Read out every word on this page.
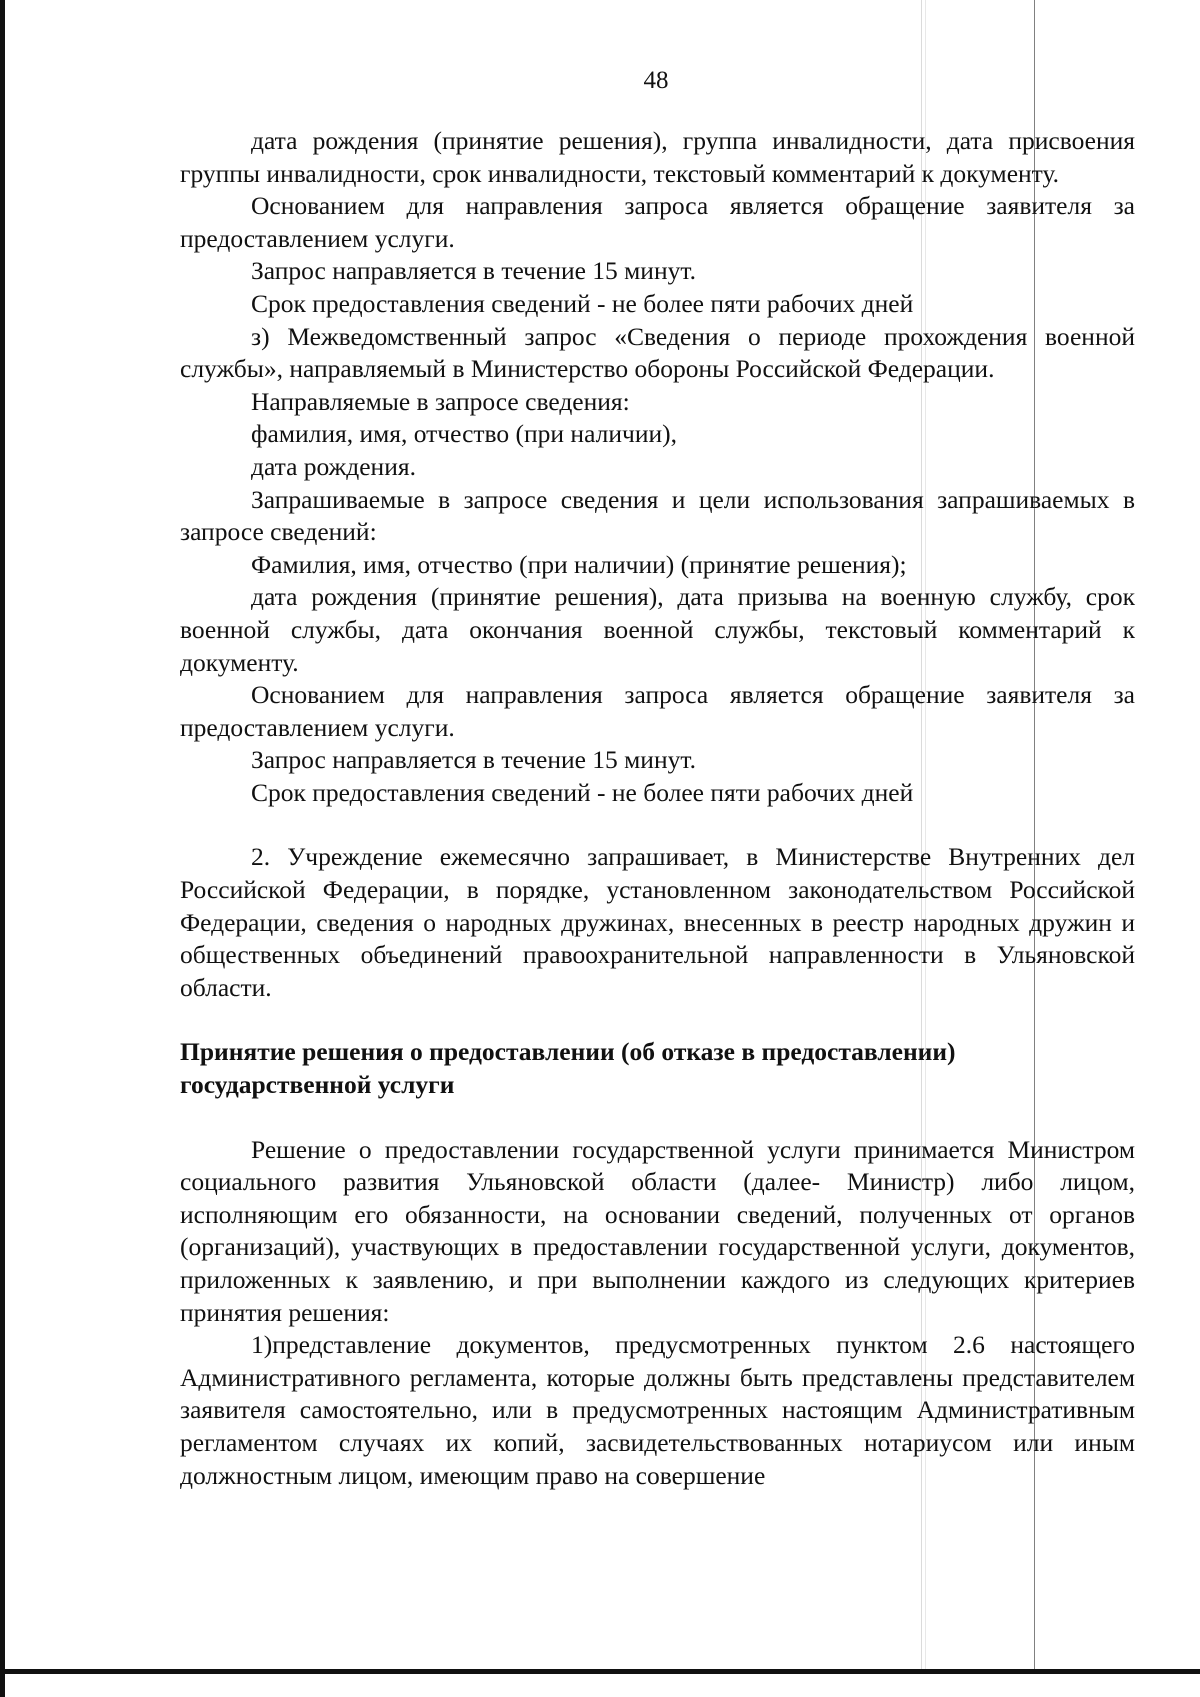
48

дата рождения (принятие решения), группа инвалидности, дата присвоения группы инвалидности, срок инвалидности, текстовый комментарий к документу.

Основанием для направления запроса является обращение заявителя за предоставлением услуги.

Запрос направляется в течение 15 минут.

Срок предоставления сведений - не более пяти рабочих дней

з) Межведомственный запрос «Сведения о периоде прохождения военной службы», направляемый в Министерство обороны Российской Федерации.

Направляемые в запросе сведения:

фамилия, имя, отчество (при наличии),

дата рождения.

Запрашиваемые в запросе сведения и цели использования запрашиваемых в запросе сведений:

Фамилия, имя, отчество (при наличии) (принятие решения);

дата рождения (принятие решения), дата призыва на военную службу, срок военной службы, дата окончания военной службы, текстовый комментарий к документу.

Основанием для направления запроса является обращение заявителя за предоставлением услуги.

Запрос направляется в течение 15 минут.

Срок предоставления сведений - не более пяти рабочих дней

2. Учреждение ежемесячно запрашивает, в Министерстве Внутренних дел Российской Федерации, в порядке, установленном законодательством Российской Федерации, сведения о народных дружинах, внесенных в реестр народных дружин и общественных объединений правоохранительной направленности в Ульяновской области.

Принятие решения о предоставлении (об отказе в предоставлении)
государственной услуги

Решение о предоставлении государственной услуги принимается Министром социального развития Ульяновской области (далее- Министр) либо лицом, исполняющим его обязанности, на основании сведений, полученных от органов (организаций), участвующих в предоставлении государственной услуги, документов, приложенных к заявлению, и при выполнении каждого из следующих критериев принятия решения:

1)представление документов, предусмотренных пунктом 2.6 настоящего Административного регламента, которые должны быть представлены представителем заявителя самостоятельно, или в предусмотренных настоящим Административным регламентом случаях их копий, засвидетельствованных нотариусом или иным должностным лицом, имеющим право на совершение
